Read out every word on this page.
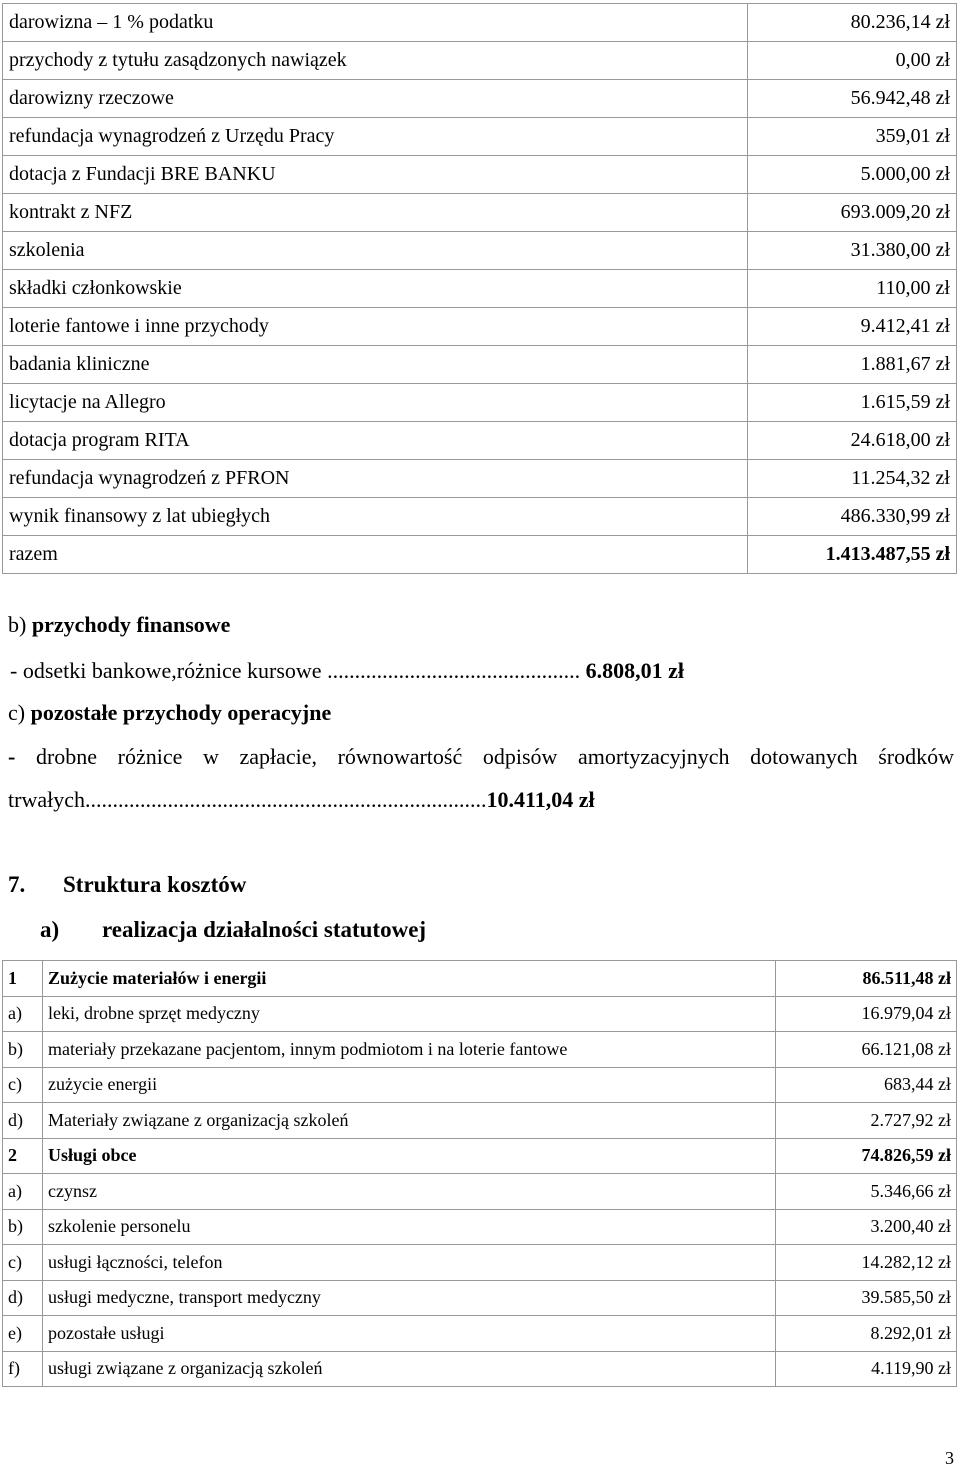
darowizna – 1 % podatku	80.236,14 zł
przychody z tytułu zasądzonych nawiązek	0,00 zł
darowizny rzeczowe	56.942,48 zł
refundacja wynagrodzeń z Urzędu Pracy	359,01 zł
dotacja z Fundacji BRE BANKU	5.000,00 zł
kontrakt z NFZ	693.009,20 zł
szkolenia	31.380,00 zł
składki członkowskie	110,00 zł
loterie fantowe i inne przychody	9.412,41 zł
badania kliniczne	1.881,67 zł
licytacje na Allegro	1.615,59 zł
dotacja program RITA	24.618,00 zł
refundacja wynagrodzeń z PFRON	11.254,32 zł
wynik finansowy z lat ubiegłych	486.330,99 zł
razem	1.413.487,55 zł
b) przychody finansowe
- odsetki bankowe,różnice kursowe .............................................. 6.808,01 zł
c) pozostałe przychody operacyjne
- drobne różnice w zapłacie, równowartość odpisów amortyzacyjnych dotowanych środków
trwałych.........................................................................10.411,04 zł
7. Struktura kosztów
a) realizacja działalności statutowej
1	Zużycie materiałów i energii	86.511,48 zł
a)	leki, drobne sprzęt medyczny	16.979,04 zł
b)	materiały przekazane pacjentom, innym podmiotom i na loterie fantowe	66.121,08 zł
c)	zużycie energii	683,44 zł
d)	Materiały związane z organizacją szkoleń	2.727,92 zł
2	Usługi obce	74.826,59 zł
a)	czynsz	5.346,66 zł
b)	szkolenie personelu	3.200,40 zł
c)	usługi łączności, telefon	14.282,12 zł
d)	usługi medyczne, transport medyczny	39.585,50 zł
e)	pozostałe usługi	8.292,01 zł
f)	usługi związane z organizacją szkoleń	4.119,90 zł
3
